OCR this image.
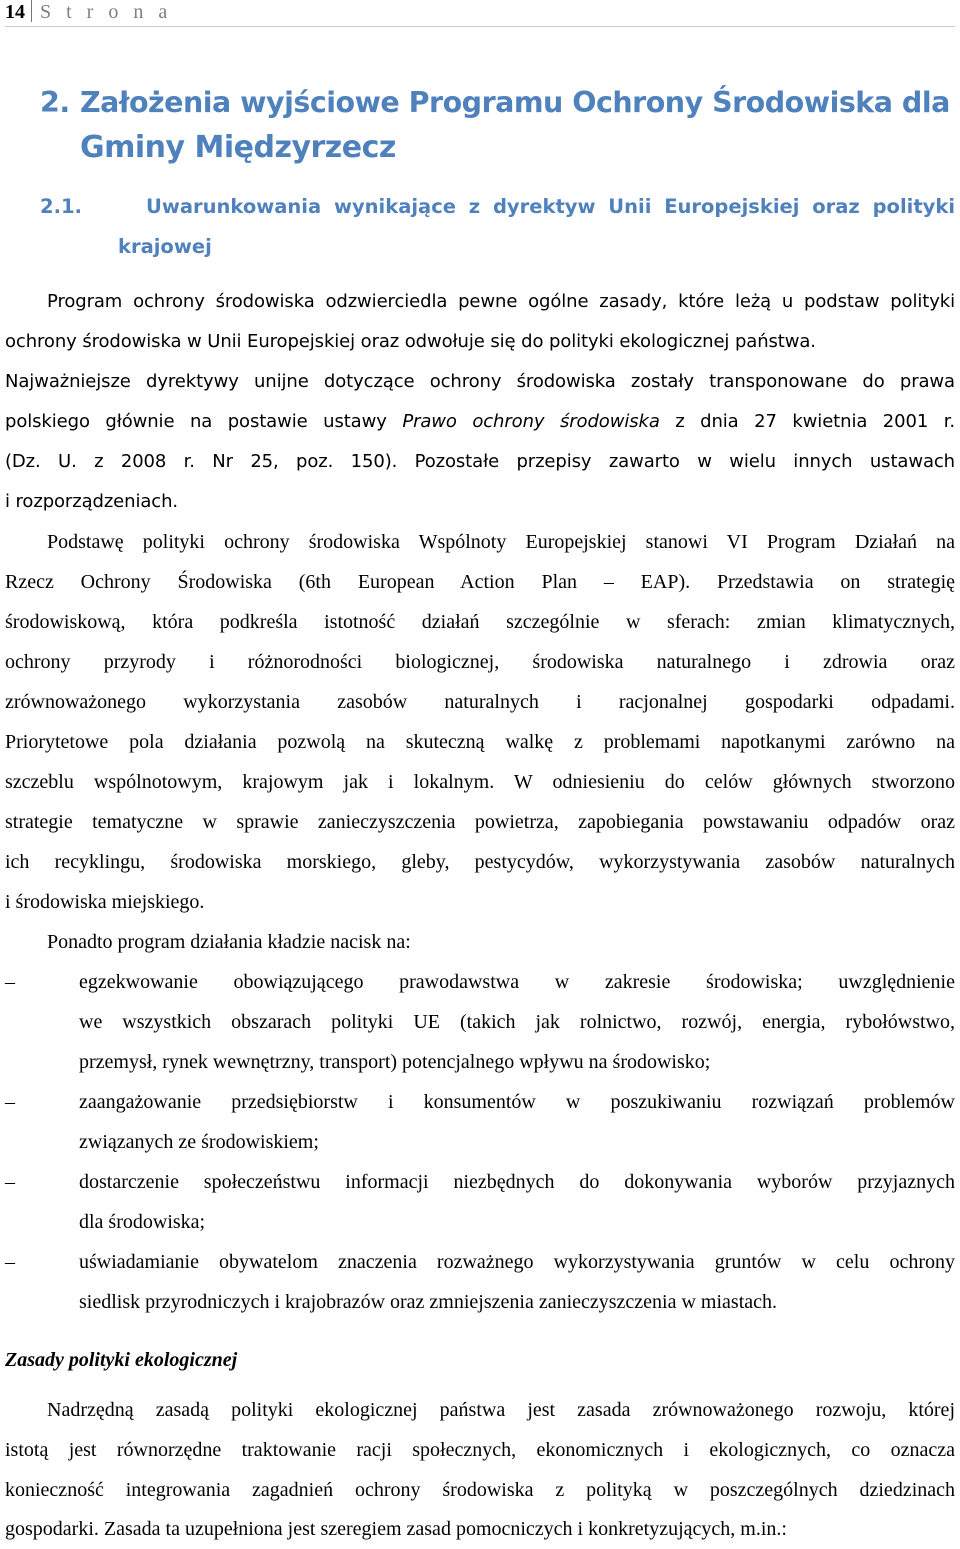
14 S t r o n a
2. Założenia wyjściowe Programu Ochrony Środowiska dla
Gminy Międzyrzecz
2.1.	Uwarunkowania wynikające z dyrektyw Unii Europejskiej oraz polityki
krajowej
Program ochrony środowiska odzwierciedla pewne ogólne zasady, które leżą u podstaw polityki
ochrony środowiska w Unii Europejskiej oraz odwołuje się do polityki ekologicznej państwa.
Najważniejsze dyrektywy unijne dotyczące ochrony środowiska zostały transponowane do prawa
polskiego głównie na postawie ustawy Prawo ochrony środowiska z dnia 27 kwietnia 2001 r.
(Dz. U. z 2008 r. Nr 25, poz. 150). Pozostałe przepisy zawarto w wielu innych ustawach
i rozporządzeniach.
Podstawę polityki ochrony środowiska Wspólnoty Europejskiej stanowi VI Program Działań na
Rzecz Ochrony Środowiska (6th European Action Plan – EAP). Przedstawia on strategię
środowiskową, która podkreśla istotność działań szczególnie w sferach: zmian klimatycznych,
ochrony przyrody i różnorodności biologicznej, środowiska naturalnego i zdrowia oraz
zrównoważonego wykorzystania zasobów naturalnych i racjonalnej gospodarki odpadami.
Priorytetowe pola działania pozwolą na skuteczną walkę z problemami napotkanymi zarówno na
szczeblu wspólnotowym, krajowym jak i lokalnym. W odniesieniu do celów głównych stworzono
strategie tematyczne w sprawie zanieczyszczenia powietrza, zapobiegania powstawaniu odpadów oraz
ich recyklingu, środowiska morskiego, gleby, pestycydów, wykorzystywania zasobów naturalnych
i środowiska miejskiego.
Ponadto program działania kładzie nacisk na:
–	egzekwowanie obowiązującego prawodawstwa w zakresie środowiska; uwzględnienie
we wszystkich obszarach polityki UE (takich jak rolnictwo, rozwój, energia, rybołówstwo,
przemysł, rynek wewnętrzny, transport) potencjalnego wpływu na środowisko;
–	zaangażowanie przedsiębiorstw i konsumentów w poszukiwaniu rozwiązań problemów
związanych ze środowiskiem;
–	dostarczenie społeczeństwu informacji niezbędnych do dokonywania wyborów przyjaznych
dla środowiska;
–	uświadamianie obywatelom znaczenia rozważnego wykorzystywania gruntów w celu ochrony
siedlisk przyrodniczych i krajobrazów oraz zmniejszenia zanieczyszczenia w miastach.
Zasady polityki ekologicznej
Nadrzędną zasadą polityki ekologicznej państwa jest zasada zrównoważonego rozwoju, której
istotą jest równorzędne traktowanie racji społecznych, ekonomicznych i ekologicznych, co oznacza
konieczność integrowania zagadnień ochrony środowiska z polityką w poszczególnych dziedzinach
gospodarki. Zasada ta uzupełniona jest szeregiem zasad pomocniczych i konkretyzujących, m.in.:
